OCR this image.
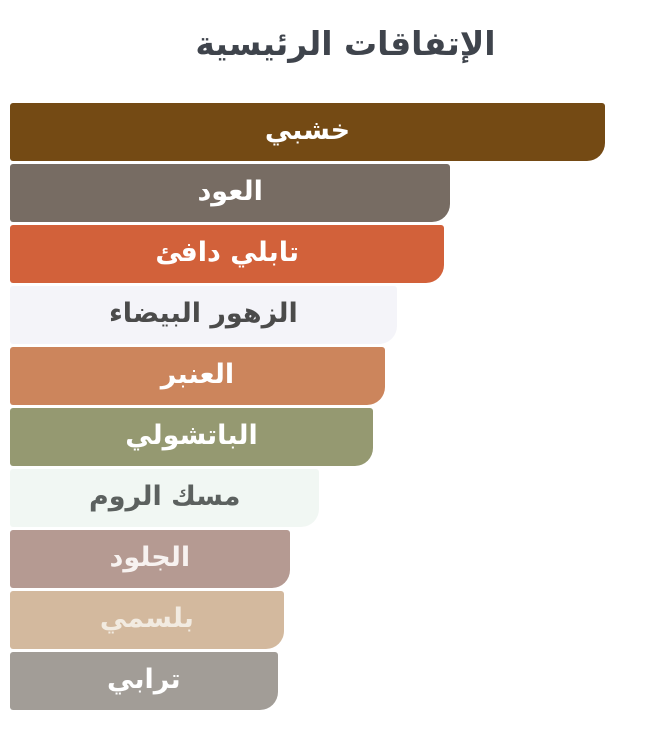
الإتفاقات الرئيسية
خشبي
العود
تابلي دافئ
الزهور البيضاء
العنبر
الباتشولي
مسك الروم
الجلود
بلسمي
ترابي
